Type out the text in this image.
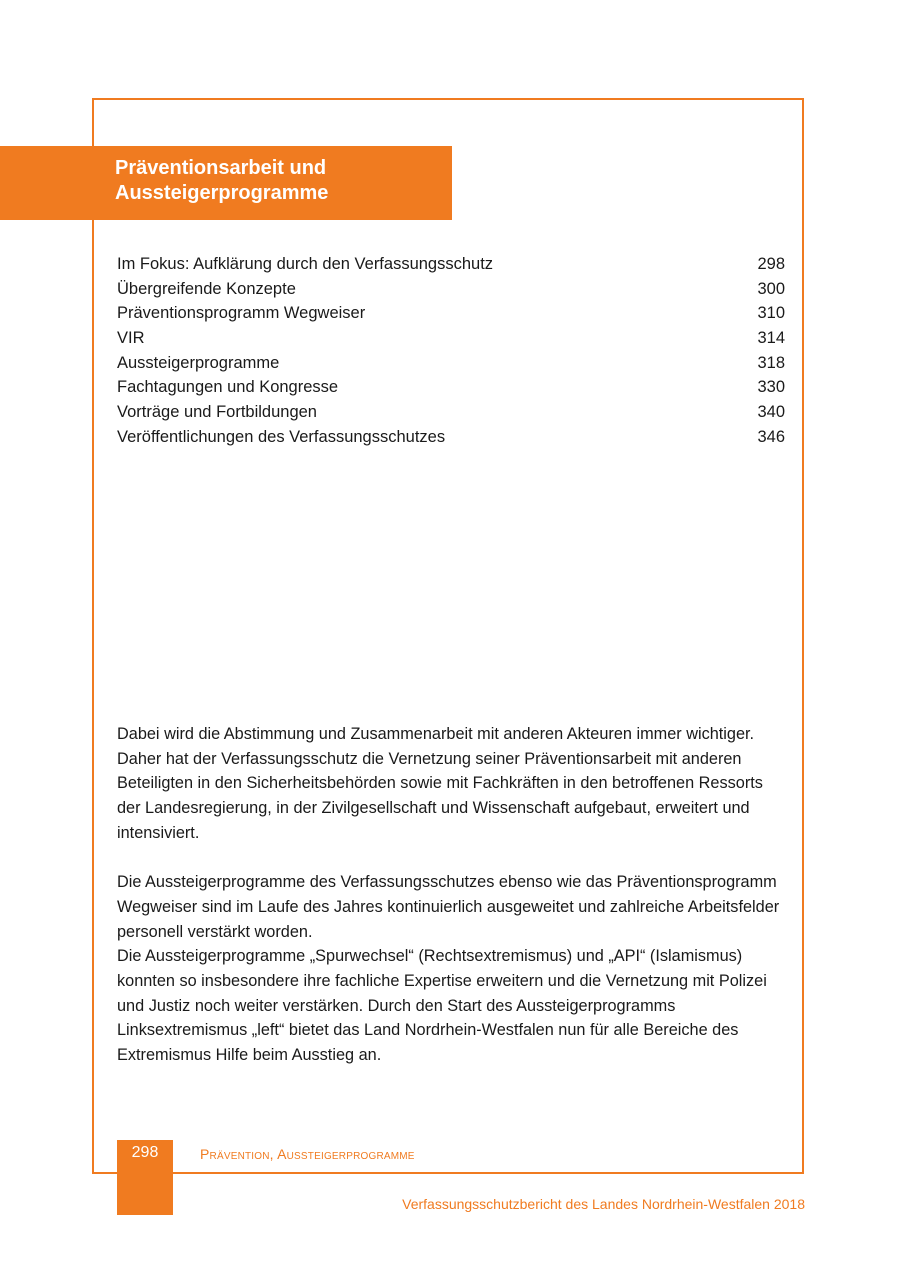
Präventionsarbeit und
Aussteigerprogramme
Im Fokus: Aufklärung durch den Verfassungsschutz	298
Übergreifende Konzepte	300
Präventionsprogramm Wegweiser	310
VIR	314
Aussteigerprogramme	318
Fachtagungen und Kongresse	330
Vorträge und Fortbildungen	340
Veröffentlichungen des Verfassungsschutzes	346

Dabei wird die Abstimmung und Zusammenarbeit mit anderen Akteuren immer wichtiger. Daher hat der Verfassungsschutz die Vernetzung seiner Präventionsarbeit mit anderen Beteiligten in den Sicherheitsbehörden sowie mit Fachkräften in den betroffenen Ressorts der Landesregierung, in der Zivilgesellschaft und Wissenschaft aufgebaut, erweitert und intensiviert.

Die Aussteigerprogramme des Verfassungsschutzes ebenso wie das Präventionsprogramm Wegweiser sind im Laufe des Jahres kontinuierlich ausgeweitet und zahlreiche Arbeitsfelder personell verstärkt worden.

Die Aussteigerprogramme „Spurwechsel“ (Rechtsextremismus) und „API“ (Islamismus) konnten so insbesondere ihre fachliche Expertise erweitern und die Vernetzung mit Polizei und Justiz noch weiter verstärken. Durch den Start des Aussteigerprogramms Linksextremismus „left“ bietet das Land Nordrhein-Westfalen nun für alle Bereiche des Extremismus Hilfe beim Ausstieg an.

298	Prävention, Aussteigerprogramme
Verfassungsschutzbericht des Landes Nordrhein-Westfalen 2018
